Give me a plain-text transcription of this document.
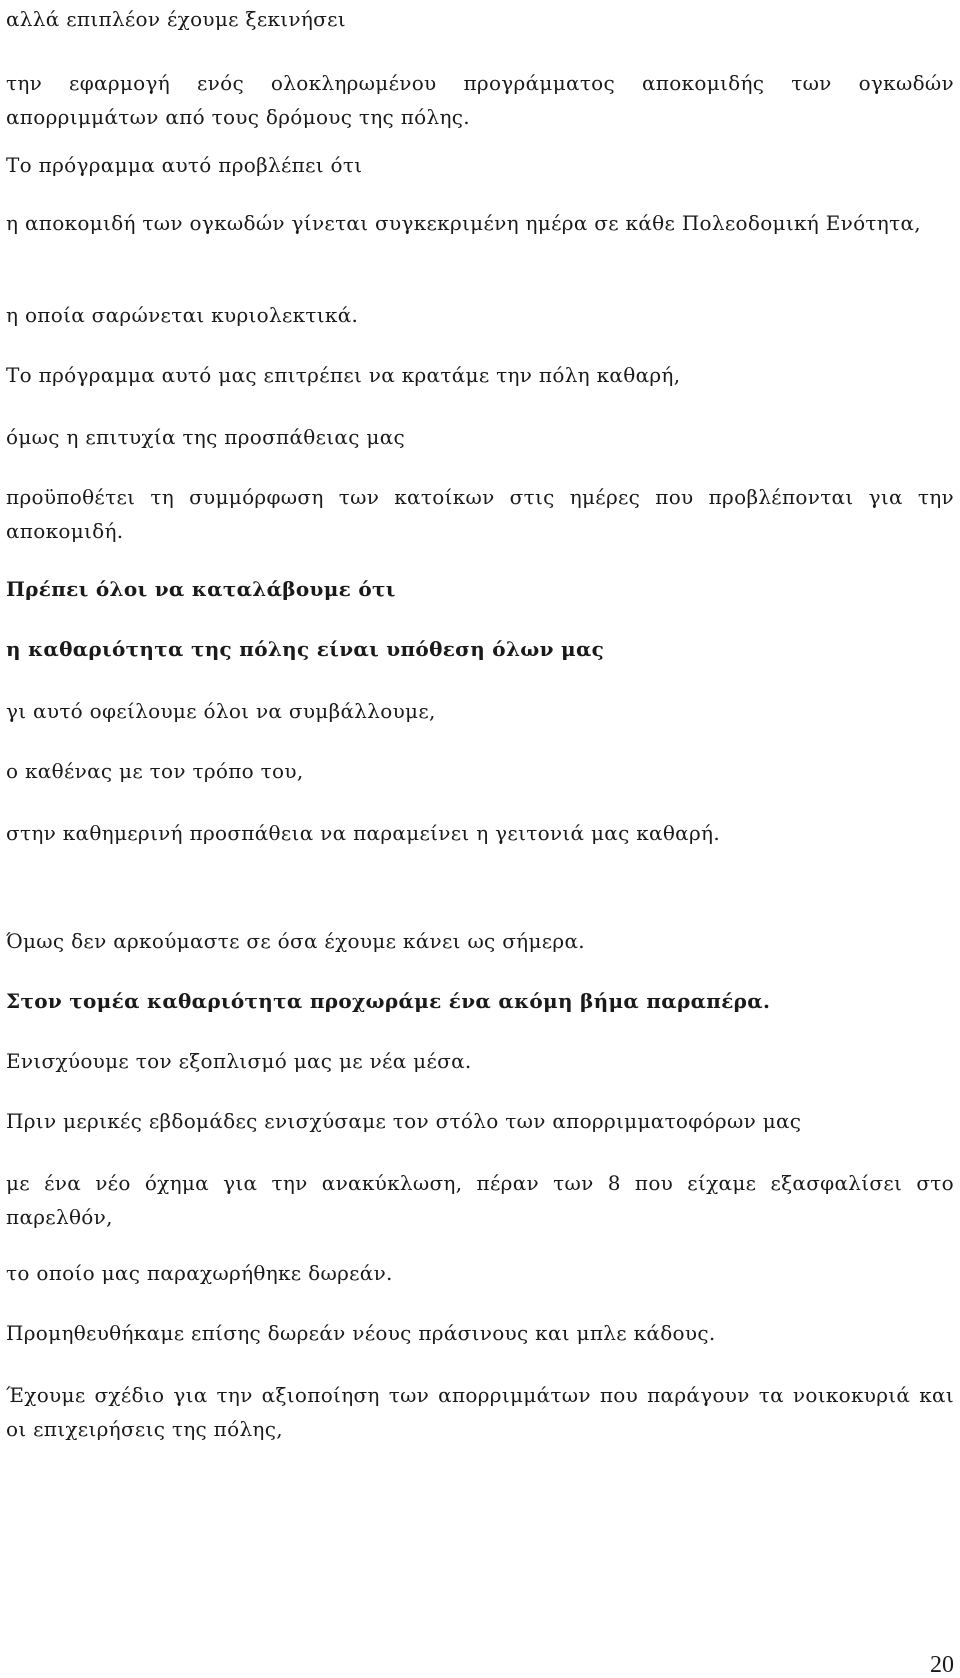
αλλά επιπλέον έχουμε ξεκινήσει

την εφαρμογή ενός ολοκληρωμένου προγράμματος αποκομιδής των ογκωδών απορριμμάτων από τους δρόμους της πόλης.

Το πρόγραμμα αυτό προβλέπει ότι

η αποκομιδή των ογκωδών γίνεται συγκεκριμένη ημέρα σε κάθε Πολεοδομική Ενότητα,

η οποία σαρώνεται κυριολεκτικά.

Το πρόγραμμα αυτό μας επιτρέπει να κρατάμε την πόλη καθαρή,

όμως η επιτυχία της προσπάθειας μας

προϋποθέτει τη συμμόρφωση των κατοίκων στις ημέρες που προβλέπονται για την αποκομιδή.

Πρέπει όλοι να καταλάβουμε ότι

η καθαριότητα της πόλης είναι υπόθεση όλων μας

γι αυτό οφείλουμε όλοι να συμβάλλουμε,

ο καθένας με τον τρόπο του,

στην καθημερινή προσπάθεια να παραμείνει η γειτονιά μας καθαρή.

Όμως δεν αρκούμαστε σε όσα έχουμε κάνει ως σήμερα.

Στον τομέα καθαριότητα προχωράμε ένα ακόμη βήμα παραπέρα.

Ενισχύουμε τον εξοπλισμό μας με νέα μέσα.

Πριν μερικές εβδομάδες ενισχύσαμε τον στόλο των απορριμματοφόρων μας

με ένα νέο όχημα για την ανακύκλωση, πέραν των 8 που είχαμε εξασφαλίσει στο παρελθόν,

το οποίο μας παραχωρήθηκε δωρεάν.

Προμηθευθήκαμε επίσης δωρεάν νέους πράσινους και μπλε κάδους.

Έχουμε σχέδιο για την αξιοποίηση των απορριμμάτων που παράγουν τα νοικοκυριά και οι επιχειρήσεις της πόλης,

20
